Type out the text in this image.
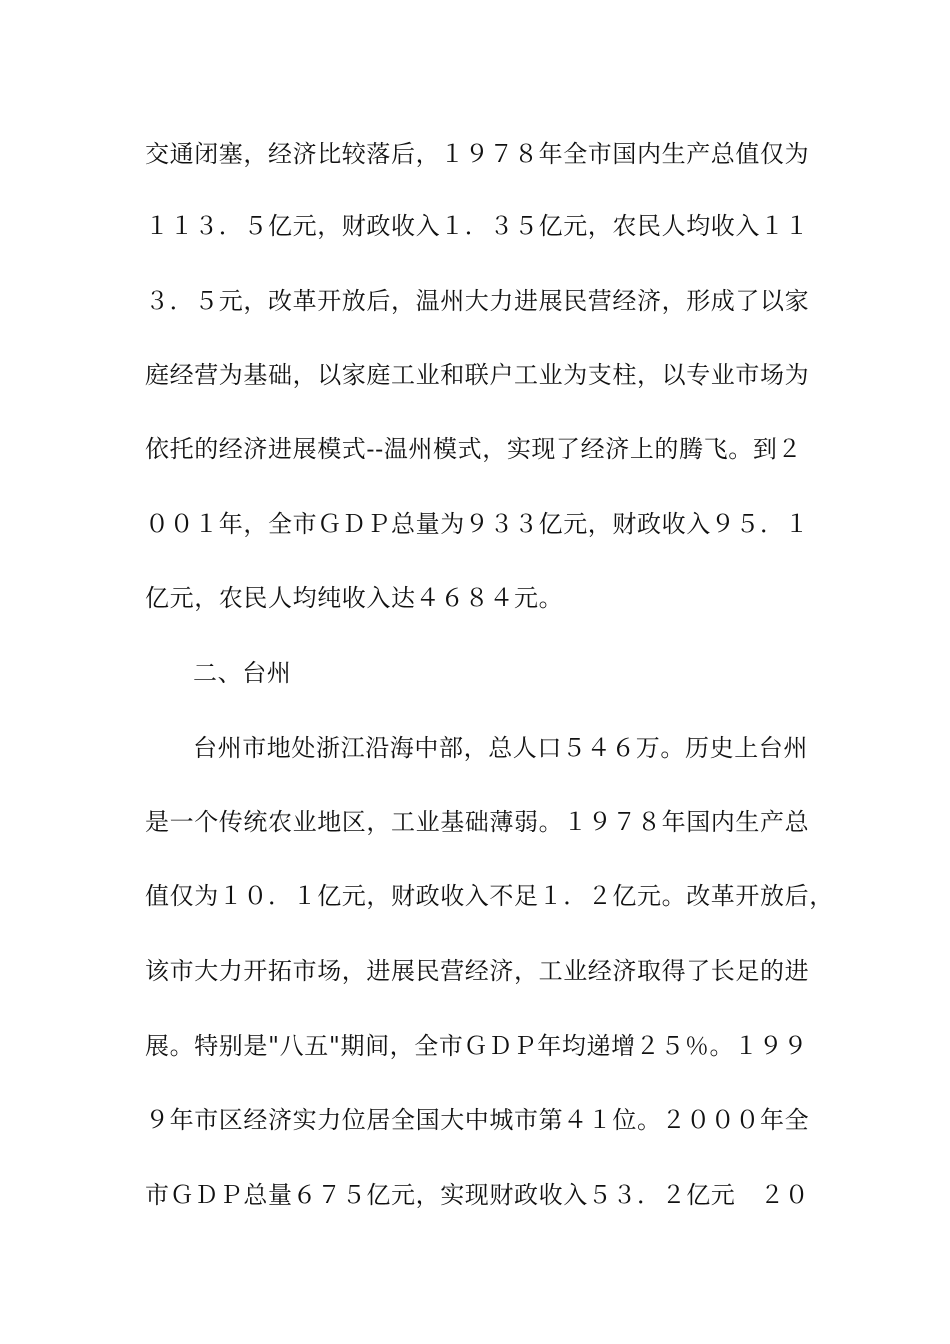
交通闭塞，经济比较落后，１９７８年全市国内生产总值仅为
１１３．５亿元，财政收入１．３５亿元，农民人均收入１１
３．５元，改革开放后，温州大力进展民营经济，形成了以家
庭经营为基础，以家庭工业和联户工业为支柱，以专业市场为
依托的经济进展模式--温州模式，实现了经济上的腾飞。到２
００１年，全市ＧＤＰ总量为９３３亿元，财政收入９５．１
亿元，农民人均纯收入达４６８４元。
二、台州
台州市地处浙江沿海中部，总人口５４６万。历史上台州
是一个传统农业地区，工业基础薄弱。１９７８年国内生产总
值仅为１０．１亿元，财政收入不足１．２亿元。改革开放后，
该市大力开拓市场，进展民营经济，工业经济取得了长足的进
展。特别是"八五"期间，全市ＧＤＰ年均递增２５％。１９９
９年市区经济实力位居全国大中城市第４１位。２０００年全
市ＧＤＰ总量６７５亿元，实现财政收入５３．２亿元　２０
